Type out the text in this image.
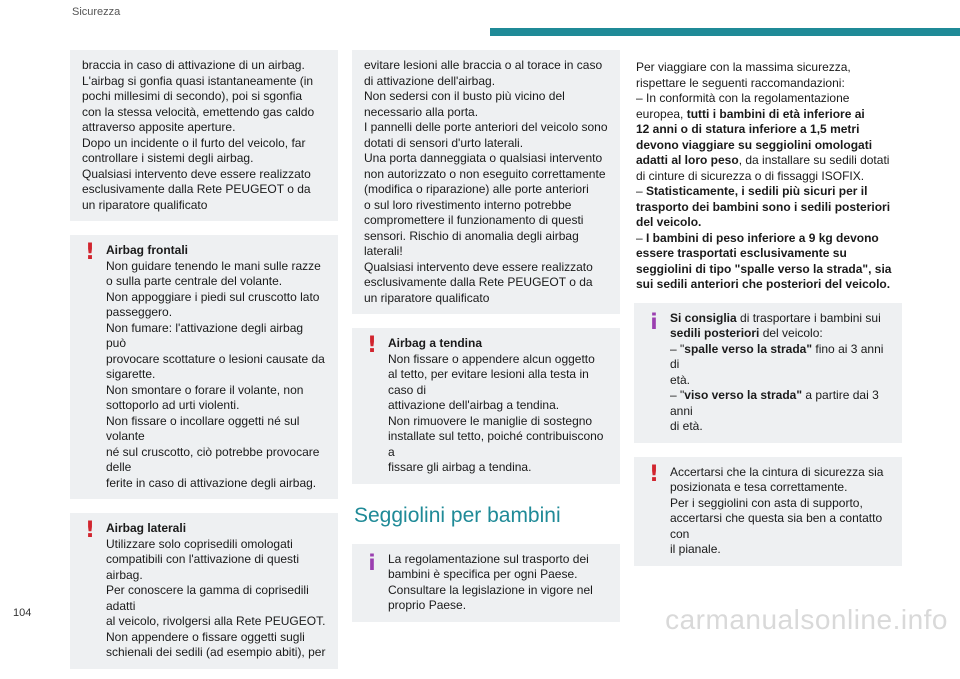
Sicurezza

braccia in caso di attivazione di un airbag.

L'airbag si gonfia quasi istantaneamente (in

pochi millesimi di secondo), poi si sgonfia

con la stessa velocità, emettendo gas caldo

attraverso apposite aperture.

Dopo un incidente o il furto del veicolo, far

controllare i sistemi degli airbag.

Qualsiasi intervento deve essere realizzato

esclusivamente dalla Rete PEUGEOT o da

un riparatore qualificato

! Airbag frontali

Non guidare tenendo le mani sulle razze

o sulla parte centrale del volante.

Non appoggiare i piedi sul cruscotto lato

passeggero.

Non fumare: l'attivazione degli airbag può

provocare scottature o lesioni causate da

sigarette.

Non smontare o forare il volante, non

sottoporlo ad urti violenti.

Non fissare o incollare oggetti né sul volante

né sul cruscotto, ciò potrebbe provocare delle

ferite in caso di attivazione degli airbag.

! Airbag laterali

Utilizzare solo coprisedili omologati

compatibili con l'attivazione di questi airbag.

Per conoscere la gamma di coprisedili adatti

al veicolo, rivolgersi alla Rete PEUGEOT.

Non appendere o fissare oggetti sugli

schienali dei sedili (ad esempio abiti), per

evitare lesioni alle braccia o al torace in caso

di attivazione dell'airbag.

Non sedersi con il busto più vicino del

necessario alla porta.

I pannelli delle porte anteriori del veicolo sono

dotati di sensori d'urto laterali.

Una porta danneggiata o qualsiasi intervento

non autorizzato o non eseguito correttamente

(modifica o riparazione) alle porte anteriori

o sul loro rivestimento interno potrebbe

compromettere il funzionamento di questi

sensori. Rischio di anomalia degli airbag

laterali!

Qualsiasi intervento deve essere realizzato

esclusivamente dalla Rete PEUGEOT o da

un riparatore qualificato

! Airbag a tendina

Non fissare o appendere alcun oggetto

al tetto, per evitare lesioni alla testa in caso di

attivazione dell'airbag a tendina.

Non rimuovere le maniglie di sostegno

installate sul tetto, poiché contribuiscono a

fissare gli airbag a tendina.

Seggiolini per bambini
i	La regolamentazione sul trasporto dei

bambini è specifica per ogni Paese.

Consultare la legislazione in vigore nel

proprio Paese.

Per viaggiare con la massima sicurezza,

rispettare le seguenti raccomandazioni:

– In conformità con la regolamentazione

europea, tutti i bambini di età inferiore ai

12 anni o di statura inferiore a 1,5 metri

devono viaggiare su seggiolini omologati

adatti al loro peso, da installare su sedili dotati

di cinture di sicurezza o di fissaggi ISOFIX.

– Statisticamente, i sedili più sicuri per il

trasporto dei bambini sono i sedili posteriori

del veicolo.

– I bambini di peso inferiore a 9 kg devono

essere trasportati esclusivamente su

seggiolini di tipo "spalle verso la strada", sia

sui sedili anteriori che posteriori del veicolo.

i	Si consiglia di trasportare i bambini sui

sedili posteriori del veicolo:

– "spalle verso la strada" fino ai 3 anni di

età.

– "viso verso la strada" a partire dai 3 anni

di età.

! Accertarsi che la cintura di sicurezza sia

posizionata e tesa correttamente.

Per i seggiolini con asta di supporto,

accertarsi che questa sia ben a contatto con

il pianale.

104	carmanualsonline.info
